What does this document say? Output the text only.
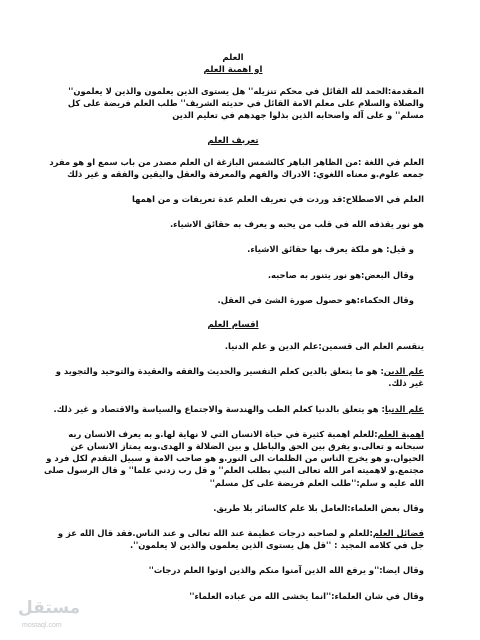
العلم

او اهمية العلم

المقدمة:الحمد لله القائل في محكم تنزيله'' هل يستوى الذين يعلمون والذين لا يعلمون'' والصلاة والسلام على معلم الامة القائل في حديثه الشريف'' طلب العلم فريضة على كل مسلم'' و على آله واصحابه الذين بذلوا جهدهم في تعليم الدين

تعريف العلم

العلم في اللغة :من الظاهر الباهر كالشمس البازغة ان العلم مصدر من باب سمع او هو مفرد جمعه علوم.و معناه اللغوي: الادراك والفهم والمعرفة والعقل واليقين والفقه و غير ذلك

العلم في الاصطلاح:قد وردت في تعريف العلم عدة تعريفات و من اهمها

هو نور يقذفه الله في قلب من يحبه و يعرف به حقائق الاشياء.

و قيل: هو ملكة يعرف بها حقائق الاشياء.

وقال البعض:هو نور يتنور به صاحبه.

وقال الحكماء:هو حصول صورة الشئ في العقل.

اقسام العلم

ينقسم العلم الى قسمين:علم الدين و علم الدنيا.

علم الدين: هو ما يتعلق بالدين كعلم التفسير والحديث والفقه والعقيدة والتوحيد والتجويد و غير ذلك.

علم الدنيا: هو يتعلق بالدنيا كعلم الطب والهندسة والاجتماع والسياسة والاقتصاد و غير ذلك.

اهمية العلم:للعلم اهمية كثيرة في حياة الانسان التي لا نهاية لها.و به يعرف الانسان ربه سبحانه و تعالى.و يفرق بين الحق والباطل و بين الضلالة و الهدى.وبه يمتاز الانسان عن الحيوان.و هو يخرج الناس من الظلمات الى النور.و هو صاحب الامة و سبيل التقدم لكل فرد و مجتمع.و لاهميته امر الله تعالى النبي بطلب العلم'' و قل رب زدني علما'' و قال الرسول صلى الله عليه و سلم:''طلب العلم فريضة على كل مسلم''

وقال بعض العلماء:العامل بلا علم كالسائر بلا طريق.

فضائل العلم:للعلم و لصاحبه درجات عظيمة عند الله تعالى و عند الناس.فقد قال الله عز و جل في كلامه المجيد : ''قل هل يستوى الذين يعلمون والذين لا يعلمون''.

وقال ايضا:''و يرفع الله الذين آمنوا منكم والذين اوتوا العلم درجات''

وقال في شان العلماء:''انما يخشى الله من عباده العلماء''

مستقل
mostaql.com
